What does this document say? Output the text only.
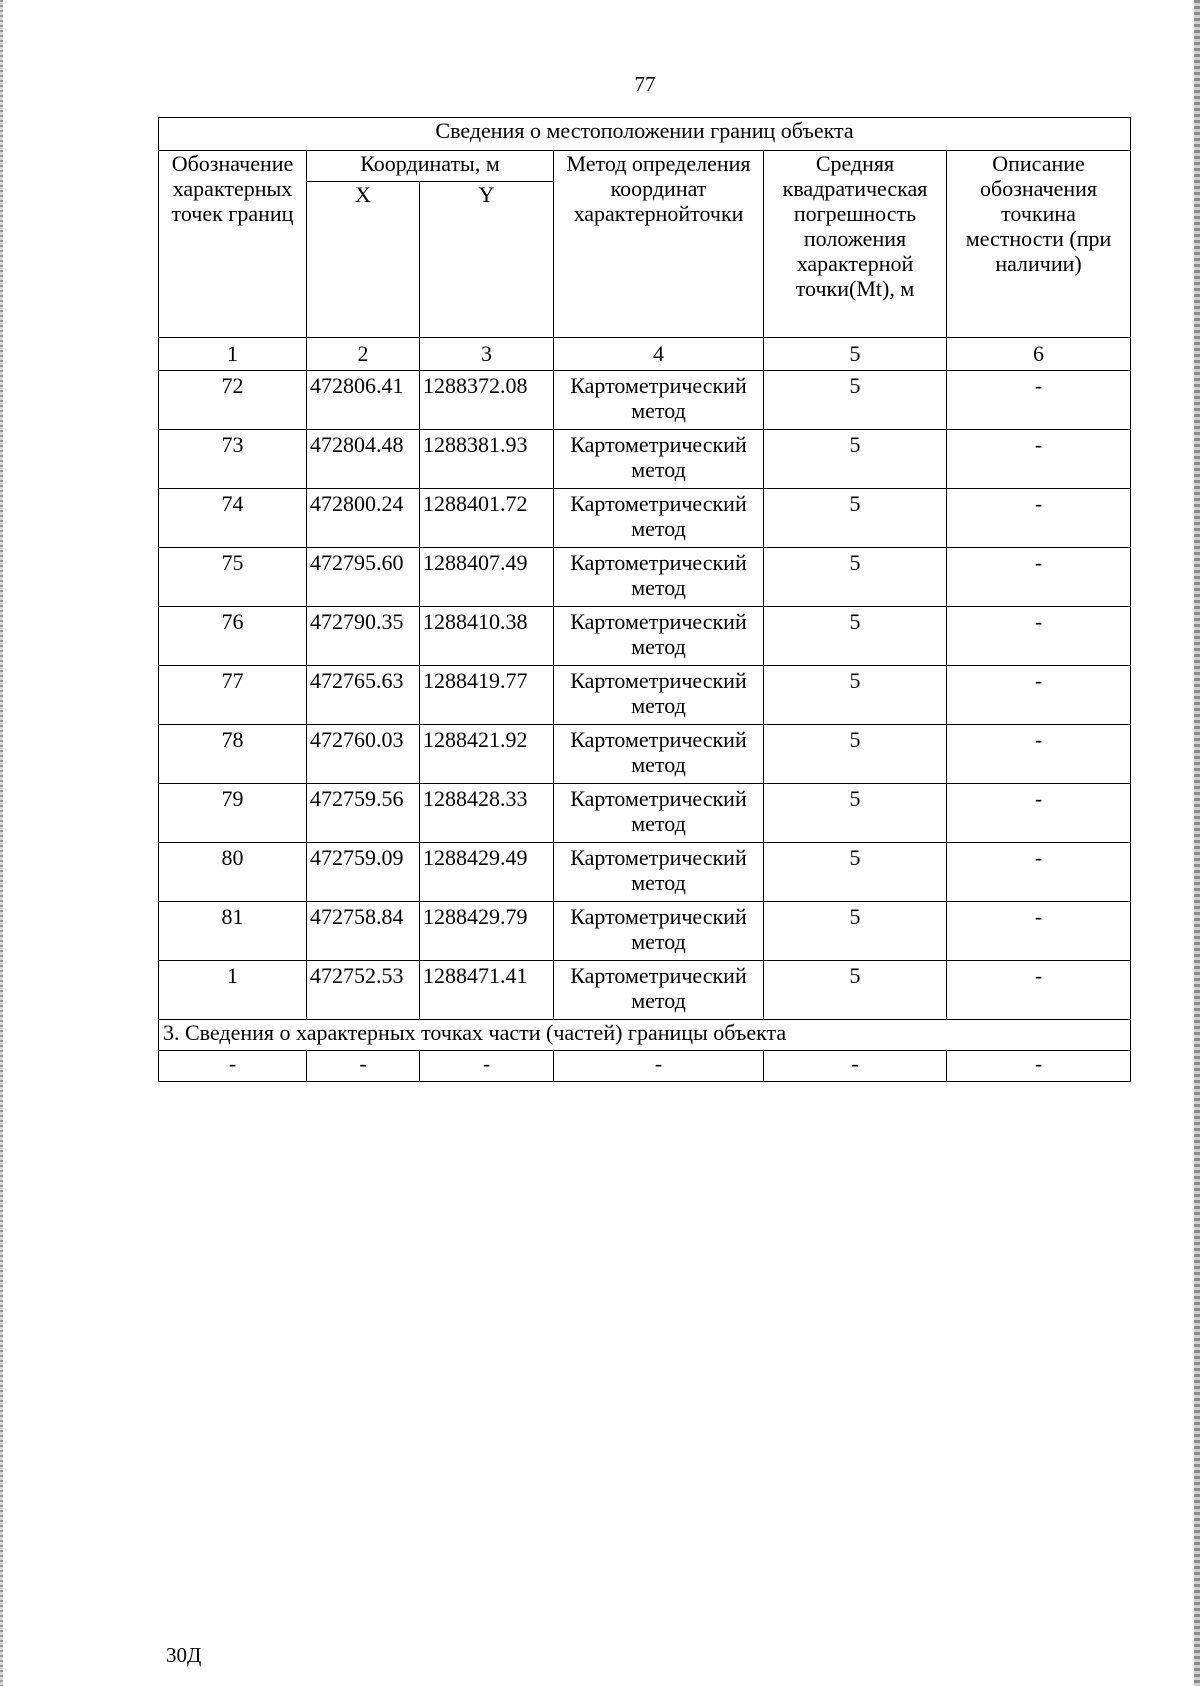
77
Сведения о местоположении границ объекта					
Обозначение характерных точек границ	Координаты, м		Метод определения координат характернойточки	Средняя квадратическая погрешность положения характерной точки(Mt), м	Описание обозначения точкина местности (при наличии)
	X	Y			
1	2	3	4	5	6
72	472806.41	1288372.08	Картометрический метод	5	-
73	472804.48	1288381.93	Картометрический метод	5	-
74	472800.24	1288401.72	Картометрический метод	5	-
75	472795.60	1288407.49	Картометрический метод	5	-
76	472790.35	1288410.38	Картометрический метод	5	-
77	472765.63	1288419.77	Картометрический метод	5	-
78	472760.03	1288421.92	Картометрический метод	5	-
79	472759.56	1288428.33	Картометрический метод	5	-
80	472759.09	1288429.49	Картометрический метод	5	-
81	472758.84	1288429.79	Картометрический метод	5	-
1	472752.53	1288471.41	Картометрический метод	5	-
3. Сведения о характерных точках части (частей) границы объекта					
-	-	-	-	-	-
30Д
